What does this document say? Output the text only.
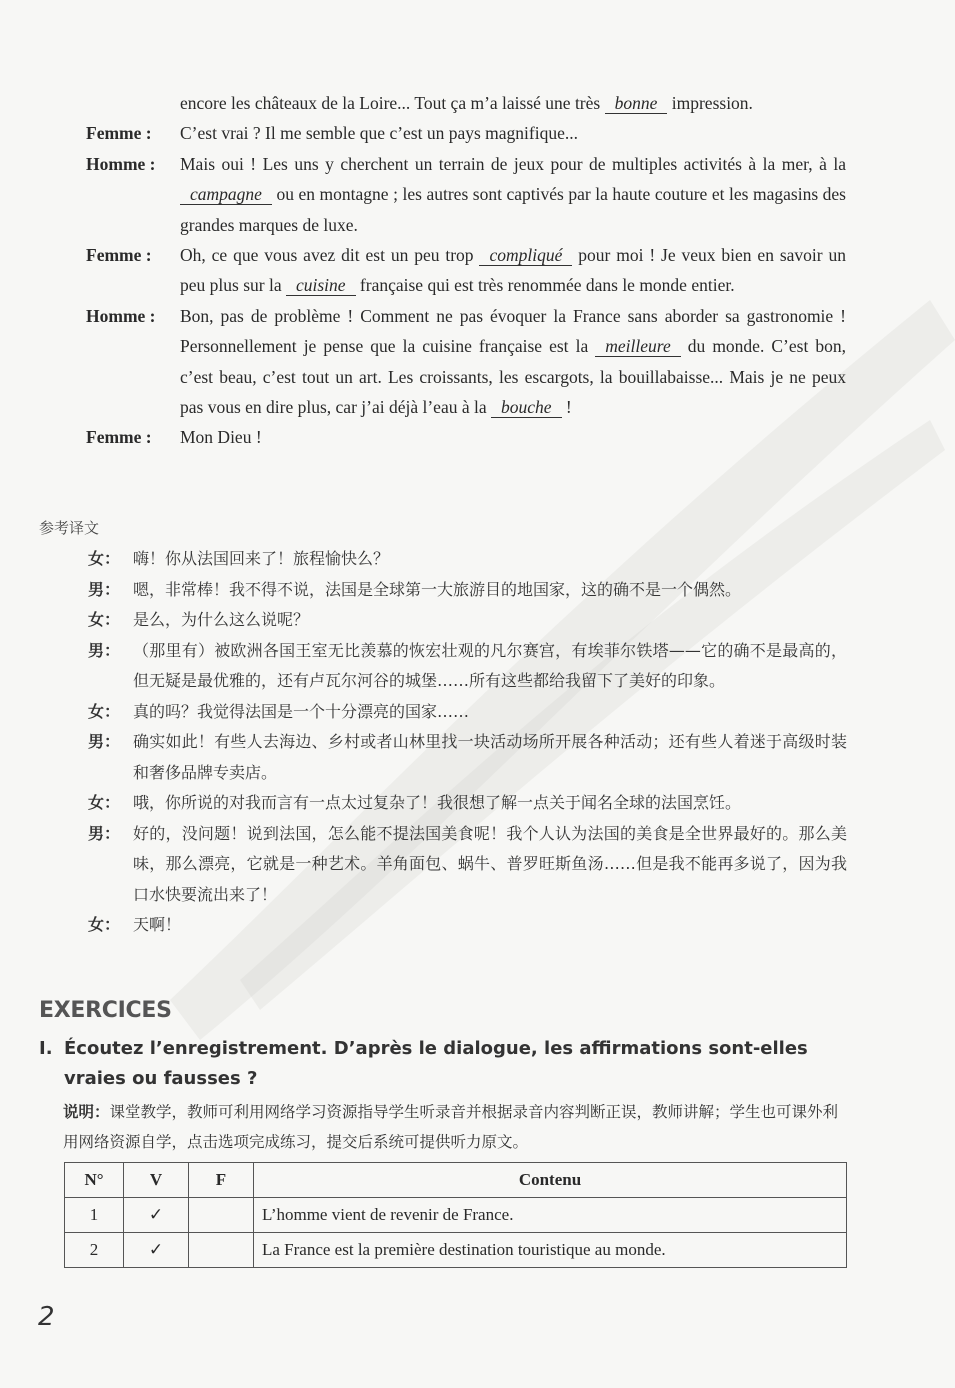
encore les châteaux de la Loire... Tout ça m’a laissé une très bonne impression.
Femme : C’est vrai ? Il me semble que c’est un pays magnifique...
Homme : Mais oui ! Les uns y cherchent un terrain de jeux pour de multiples activités à la mer, à la campagne ou en montagne ; les autres sont captivés par la haute couture et les magasins des grandes marques de luxe.
Femme : Oh, ce que vous avez dit est un peu trop compliqué pour moi ! Je veux bien en savoir un peu plus sur la cuisine française qui est très renommée dans le monde entier.
Homme : Bon, pas de problème ! Comment ne pas évoquer la France sans aborder sa gastronomie ! Personnellement je pense que la cuisine française est la meilleure du monde. C’est bon, c’est beau, c’est tout un art. Les croissants, les escargots, la bouillabaisse... Mais je ne peux pas vous en dire plus, car j’ai déjà l’eau à la bouche !
Femme : Mon Dieu !
参考译文
女： 嗨！你从法国回来了！旅程愉快么？
男： 嗯，非常棒！我不得不说，法国是全球第一大旅游目的地国家，这的确不是一个偶然。
女： 是么，为什么这么说呢？
男： （那里有）被欧洲各国王室无比羡慕的恢宏壮观的凡尔赛宫，有埃菲尔铁塔——它的确不是最高的，但无疑是最优雅的，还有卢瓦尔河谷的城堡……所有这些都给我留下了美好的印象。
女： 真的吗？我觉得法国是一个十分漂亮的国家……
男： 确实如此！有些人去海边、乡村或者山林里找一块活动场所开展各种活动；还有些人着迷于高级时装和奢侈品牌专卖店。
女： 哦，你所说的对我而言有一点太过复杂了！我很想了解一点关于闻名全球的法国烹饪。
男： 好的，没问题！说到法国，怎么能不提法国美食呢！我个人认为法国的美食是全世界最好的。那么美味，那么漂亮，它就是一种艺术。羊角面包、蜗牛、普罗旺斯鱼汤……但是我不能再多说了，因为我口水快要流出来了！
女： 天啊！
EXERCICES
I. Écoutez l’enregistrement. D’après le dialogue, les affirmations sont-elles
vraies ou fausses ?
说明：课堂教学，教师可利用网络学习资源指导学生听录音并根据录音内容判断正误，教师讲解；学生也可课外利用网络资源自学，点击选项完成练习，提交后系统可提供听力原文。
N°	V	F	Contenu
1	✓		L’homme vient de revenir de France.
2	✓		La France est la première destination touristique au monde.
2
